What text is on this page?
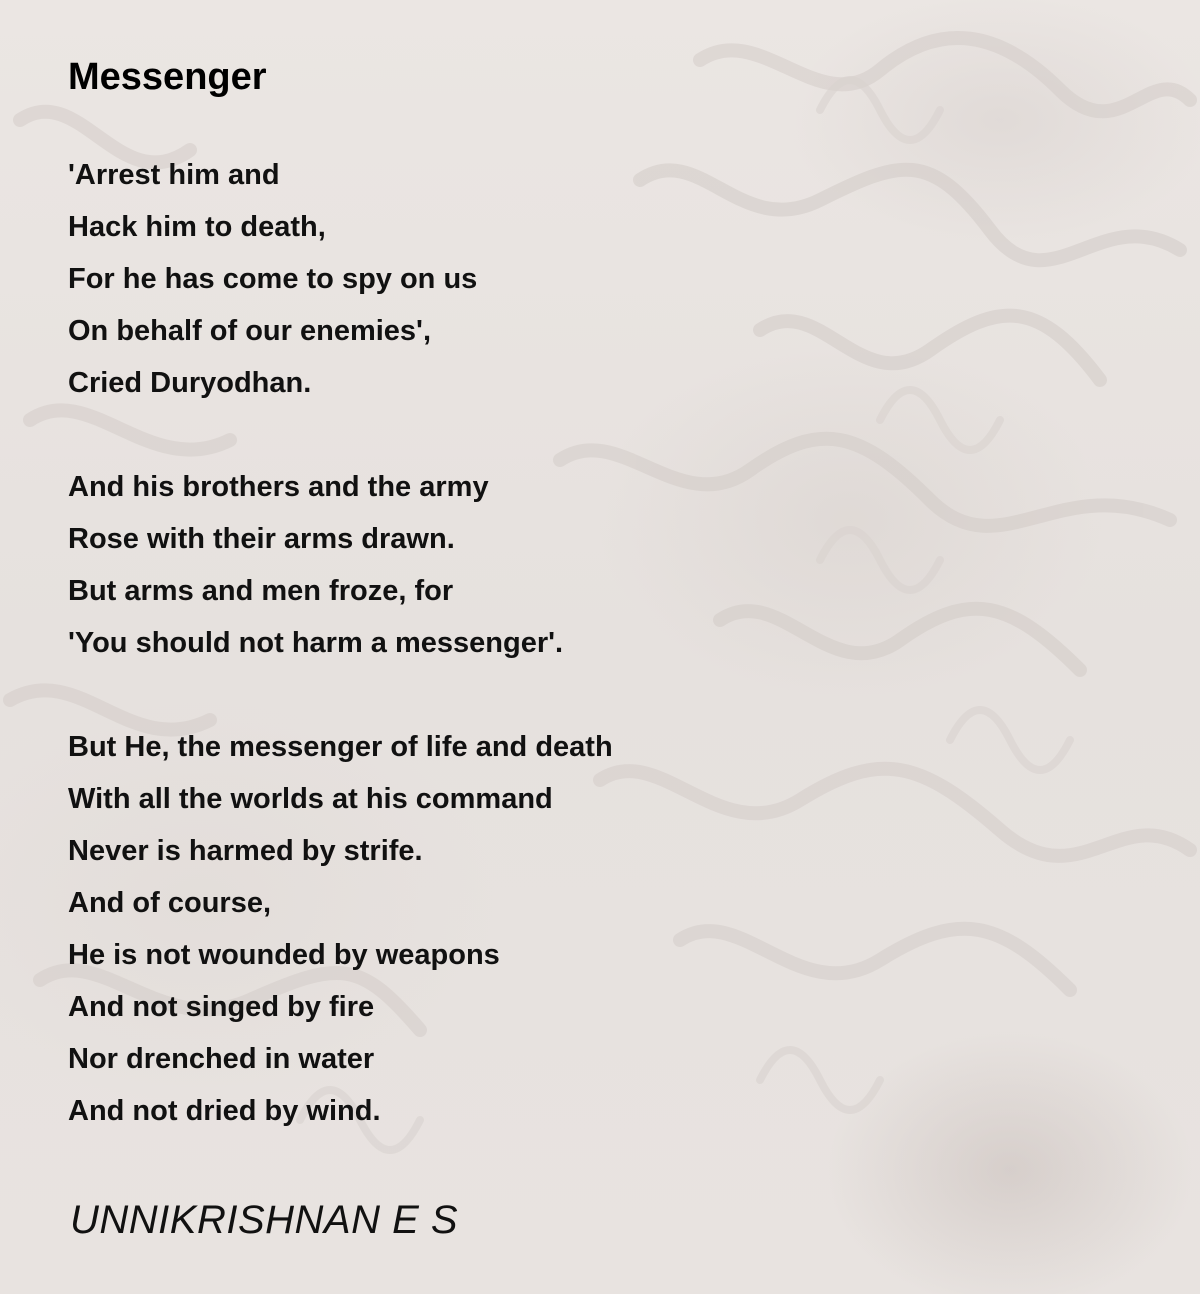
Messenger
'Arrest him and
Hack him to death,
For he has come to spy on us
On behalf of our enemies',
Cried Duryodhan.
And his brothers and the army
Rose with their arms drawn.
But arms and men froze, for
'You should not harm a messenger'.
But He, the messenger of life and death
With all the worlds at his command
Never is harmed by strife.
And of course,
He is not wounded by weapons
And not singed by fire
Nor drenched in water
And not dried by wind.

UNNIKRISHNAN E S
